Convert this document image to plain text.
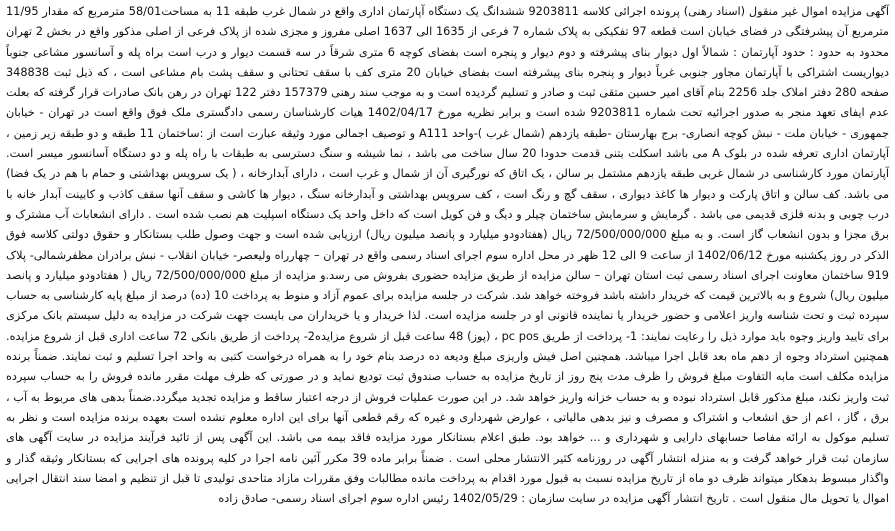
آگهی مزایده اموال غیر منقول (اسناد رهنی) پرونده اجرائی کلاسه 9203811 ششدانگ یک دستگاه آپارتمان اداری واقع در شمال غرب طبقه 11 به مساحت58/01 مترمربع که مقدار 11/95 مترمربع آن پیشرفتگی در فضای خیابان است قطعه 97 تفکیکی به پلاک شماره 7 فرعی از 1635 الی 1637 اصلی مفروز و مجزی شده از پلاک فرعی از اصلی مذکور واقع در بخش 2 تهران محدود به حدود : حدود آپارتمان : شمالاً اول دیوار بنای پیشرفته و دوم دیوار و پنجره است بفضای کوچه 6 متری شرقاً در سه قسمت دیوار و درب است براه پله و آسانسور مشاعی جنوباً دیواریست اشتراکی با آپارتمان مجاور جنوبی غرباً دیوار و پنجره بنای پیشرفته است بفضای خیابان 20 متری کف با سقف تحتانی و سقف پشت بام مشاعی است ، که ذیل ثبت 348838 صفحه 280 دفتر املاک جلد 2256 بنام آقای امیر حسین متقی ثبت و صادر و تسلیم گردیده است و به موجب سند رهنی 157379 دفتر 122 تهران در رهن بانک صادرات قرار گرفته که بعلت عدم ایفای تعهد منجر به صدور اجرائیه تحت شماره 9203811 شده است و برابر نظریه مورخ 1402/04/17 هیات کارشناسان رسمی دادگستری ملک فوق واقع است در تهران - خیابان جمهوری - خیابان ملت - نبش کوچه انصاری- برج بهارستان -طبقه یازدهم (شمال غرب )-واحد A111 و توصیف اجمالی مورد وثیقه عبارت است از :ساختمان 11 طبقه و دو طبقه زیر زمین ، آپارتمان اداری تعرفه شده در بلوک A می باشد اسکلت بتنی قدمت حدودا 20 سال ساخت می باشد ، نما شیشه و سنگ دسترسی به طبقات با راه پله و دو دستگاه آسانسور میسر است. آپارتمان مورد کارشناسی در شمال غربی طبقه یازدهم مشتمل بر سالن ، یک اتاق که نورگیری آن از شمال و غرب است ، دارای آبدارخانه ، ( یک سرویس بهداشتی و حمام با هم در یک فضا) می باشد. کف سالن و اتاق پارکت و دیوار ها کاغذ دیواری ، سقف گچ و رنگ است ، کف سرویس بهداشتی و آبدارخانه سنگ ، دیوار ها کاشی و سقف آنها سقف کاذب و کابینت آبدار خانه با درب چوبی و بدنه فلزی قدیمی می باشد . گرمایش و سرمایش ساختمان چیلر و دیگ و فن کویل است که داخل واحد یک دستگاه اسپلیت هم نصب شده است . دارای انشعابات آب مشترک و برق مجزا و بدون انشعاب گاز است. و به مبلغ 72/500/000/000 ریال (هفتادودو میلیارد و پانصد میلیون ریال) ارزیابی شده است و جهت وصول طلب بستانکار و حقوق دولتی کلاسه فوق الذکر در روز یکشنبه مورخ 1402/06/12 از ساعت 9 الی 12 ظهر در محل اداره سوم اجرای اسناد رسمی واقع در تهران – چهارراه ولیعصر- خیابان انقلاب - نبش برادران مظفرشمالی- پلاک 919 ساختمان معاونت اجرای اسناد رسمی ثبت استان تهران – سالن مزایده از طریق مزایده حضوری بفروش می رسد.و مزایده از مبلغ 72/500/000/000 ریال ( هفتادودو میلیارد و پانصد میلیون ریال) شروع و به بالاترین قیمت که خریدار داشته باشد فروخته خواهد شد. شرکت در جلسه مزایده برای عموم آزاد و منوط به پرداخت 10 (ده) درصد از مبلغ پایه کارشناسی به حساب سپرده ثبت و تحت شناسه واریز اعلامی و حضور خریدار یا نماینده قانونی او در جلسه مزایده است. لذا خریدار و یا خریداران می بایست جهت شرکت در مزایده به دلیل سیستم بانک مرکزی برای تایید واریز وجوه باید موارد ذیل را رعایت نمایند: 1- پرداخت از طریق pc pos ، (پوز) 48 ساعت قبل از شروع مزایده2- پرداخت از طریق بانکی 72 ساعت اداری قبل از شروع مزایده. همچنین استرداد وجوه از دهم ماه بعد قابل اجرا میباشد. همچنین اصل فیش واریزی مبلغ ودیعه ده درصد بنام خود را به همراه درخواست کتبی به واحد اجرا تسلیم و ثبت نمایند. ضمناً برنده مزایده مکلف است مابه التفاوت مبلغ فروش را ظرف مدت پنج روز از تاریخ مزایده به حساب صندوق ثبت تودیع نماید و در صورتی که ظرف مهلت مقرر مانده فروش را به حساب سپرده ثبت واریز نکند، مبلغ مذکور قابل استرداد نبوده و به حساب خزانه واریز خواهد شد. در این صورت عملیات فروش از درجه اعتبار ساقط و مزایده تجدید میگردد.ضمناً بدهی های مربوط به آب ، برق ، گاز ، اعم از حق انشعاب و اشتراک و مصرف و نیز بدهی مالیاتی ، عوارض شهرداری و غیره که رقم قطعی آنها برای این اداره معلوم نشده است بعهده برنده مزایده است و نظر به تسلیم موکول به ارائه مفاصا حسابهای دارایی و شهرداری و ... خواهد بود. طبق اعلام بستانکار مورد مزایده فاقد بیمه می باشد. این آگهی پس از تائید فرآیند مزایده در سایت آگهی های سازمان ثبت قرار خواهد گرفت و به منزله انتشار آگهی در روزنامه کثیر الانتشار محلی است . ضمناً برابر ماده 39 مکرر آئین نامه اجرا در کلیه پرونده های اجرایی که بستانکار وثیقه گذار و واگذار مبسوط بدهکار میتواند ظرف دو ماه از تاریخ مزایده نسبت به قبول مورد اقدام به پرداخت مانده مطالبات وفق مقررات مازاد متاحدی تولیدی تا قبل از تنظیم و امضا سند انتقال اجرایی اموال یا تحویل مال منقول است . تاریخ انتشار آگهی مزایده در سایت سازمان : 1402/05/29 رئیس اداره سوم اجرای اسناد رسمی- صادق زاده
